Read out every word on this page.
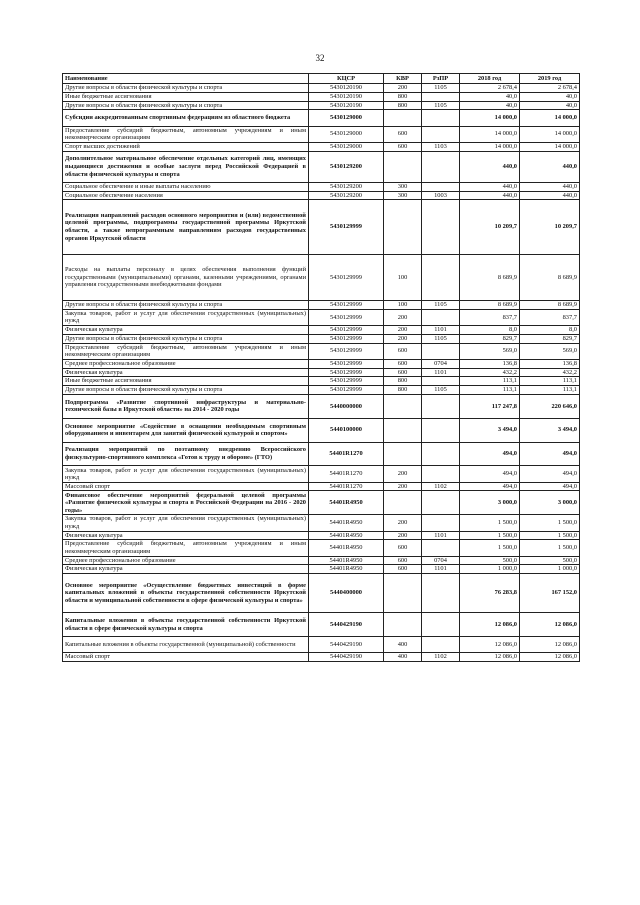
32
Наименование	КЦСР	КВР	РзПР	2018 год	2019 год
Другие вопросы в области физической культуры и спорта	5430120190	200	1105	2 678,4	2 678,4
Иные бюджетные ассигнования	5430120190	800		40,0	40,0
Другие вопросы в области физической культуры и спорта	5430120190	800	1105	40,0	40,0
Субсидии аккредитованным спортивным федерациям из областного бюджета	5430129000			14 000,0	14 000,0
Предоставление субсидий бюджетным, автономным учреждениям и иным некоммерческим организациям	5430129000	600		14 000,0	14 000,0
Спорт высших достижений	5430129000	600	1103	14 000,0	14 000,0
Дополнительное материальное обеспечение отдельных категорий лиц, имеющих выдающиеся достижения и особые заслуги перед Российской Федерацией в области физической культуры и спорта	5430129200			440,0	440,0
Социальное обеспечение и иные выплаты населению	5430129200	300		440,0	440,0
Социальное обеспечение населения	5430129200	300	1003	440,0	440,0
Реализация направлений расходов основного мероприятия и (или) ведомственной целевой программы, подпрограммы государственной программы Иркутской области, а также непрограммным направлениям расходов государственных органов Иркутской области	5430129999			10 209,7	10 209,7
Расходы на выплаты персоналу в целях обеспечения выполнения функций государственными (муниципальными) органами, казенными учреждениями, органами управления государственными внебюджетными фондами	5430129999	100		8 689,9	8 689,9
Другие вопросы в области физической культуры и спорта	5430129999	100	1105	8 689,9	8 689,9
Закупка товаров, работ и услуг для обеспечения государственных (муниципальных) нужд	5430129999	200		837,7	837,7
Физическая культура	5430129999	200	1101	8,0	8,0
Другие вопросы в области физической культуры и спорта	5430129999	200	1105	829,7	829,7
Предоставление субсидий бюджетным, автономным учреждениям и иным некоммерческим организациям	5430129999	600		569,0	569,0
Среднее профессиональное образование	5430129999	600	0704	136,8	136,8
Физическая культура	5430129999	600	1101	432,2	432,2
Иные бюджетные ассигнования	5430129999	800		113,1	113,1
Другие вопросы в области физической культуры и спорта	5430129999	800	1105	113,1	113,1
Подпрограмма «Развитие спортивной инфраструктуры и материально- технической базы в Иркутской области» на 2014 - 2020 годы	5440000000			117 247,8	220 646,0
Основное мероприятие «Содействие в оснащении необходимым спортивным оборудованием и инвентарем для занятий физической культурой и спортом»	5440100000			3 494,0	3 494,0
Реализация мероприятий по поэтапному внедрению Всероссийского физкультурно-спортивного комплекса «Готов к труду и обороне» (ГТО)	54401R1270			494,0	494,0
Закупка товаров, работ и услуг для обеспечения государственных (муниципальных) нужд	54401R1270	200		494,0	494,0
Массовый спорт	54401R1270	200	1102	494,0	494,0
Финансовое обеспечение мероприятий федеральной целевой программы «Развитие физической культуры и спорта в Российской Федерации на 2016 - 2020 годы»	54401R4950			3 000,0	3 000,0
Закупка товаров, работ и услуг для обеспечения государственных (муниципальных) нужд	54401R4950	200		1 500,0	1 500,0
Физическая культура	54401R4950	200	1101	1 500,0	1 500,0
Предоставление субсидий бюджетным, автономным учреждениям и иным некоммерческим организациям	54401R4950	600		1 500,0	1 500,0
Среднее профессиональное образование	54401R4950	600	0704	500,0	500,0
Физическая культура	54401R4950	600	1101	1 000,0	1 000,0
Основное мероприятие «Осуществление бюджетных инвестиций в форме капитальных вложений в объекты государственной собственности Иркутской области и муниципальной собственности в сфере физической культуры и спорта»	5440400000			76 283,8	167 152,0
Капитальные вложения в объекты государственной собственности Иркутской области в сфере физической культуры и спорта	5440429190			12 086,0	12 086,0
Капитальные вложения в объекты государственной (муниципальной) собственности	5440429190	400		12 086,0	12 086,0
Массовый спорт	5440429190	400	1102	12 086,0	12 086,0
